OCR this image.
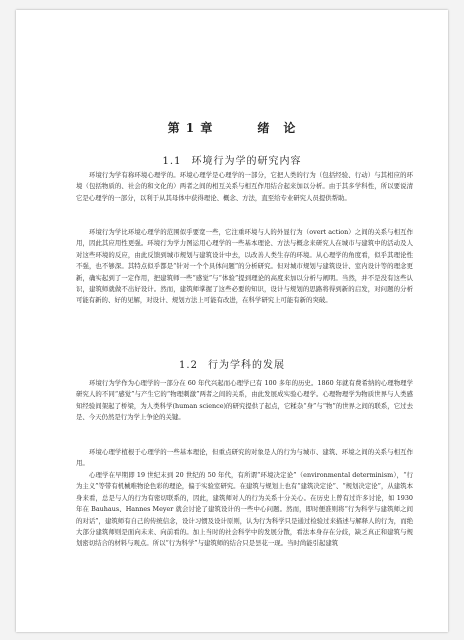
第 1 章	绪　论
1.1 环境行为学的研究内容

环境行为学有称环境心理学的。环境心理学是心理学的一部分，它把人类的行为（包括经验、行动）与其相应的环境（包括物质的、社会的和文化的）两者之间的相互关系与相互作用结合起来加以分析。由于其多学科性，所以要说清它是心理学的一部分，以利于从其母体中获得理论、概念、方法，直至给专业研究人员提供帮助。

环境行为学比环境心理学的范围似乎要宽一些，它注重环境与人的外显行为（overt action）之间的关系与相互作用，因此其应用性更强。环境行为学力图运用心理学的一些基本理论、方法与概念来研究人在城市与建筑中的活动及人对这些环境的反应，由此反馈到城市规划与建筑设计中去，以改善人类生存的环境。从心理学的角度看，似乎其理论性不强，也不够深。其特点似乎都是“针对一个个具体问题”的分析研究。但对城市规划与建筑设计、室内设计等的理念更新，确实起到了一定作用，把建筑师一些“感觉”与“体验”提到理论的高度来加以分析与阐明。当然，并不是没有这些认识，建筑师就做不出好设计。然而，建筑师掌握了这些必要的知识，设计与规划的思路将得到新的启发，对问题的分析可能有新的、好的见解，对设计、规划方法上可能有改进，在科学研究上可能有新的突破。

1.2 行为学科的发展

环境行为学作为心理学的一部分在 60 年代兴起而心理学已有 100 多年的历史。1860 年就有费希纳的心理物理学研究人的不同“感觉”与产生它的“物理刺激”两者之间的关系，由此发展成实验心理学。心理物理学为物质世界与人类感知经验间架起了桥梁，为人类科学(human science)的研究提供了起点，它糅杂“身”与“物”的世界之间的联系，它过去是、今天仍然是行为学上争论的关键。

环境心理学植根于心理学的一些基本理论，但重点研究的对象是人的行为与城市、建筑、环境之间的关系与相互作用。

心理学在早期即 19 世纪末到 20 世纪的 50 年代，有所谓“环境决定论”（environmental determinism），“行为主义”等带有机械唯物论色彩的理论，偏于实验室研究。在建筑与规划上也有“建筑决定论”、“规划决定论”，从建筑本身来看，总是与人的行为有密切联系的，因此，建筑师对人的行为关系十分关心。在历史上曾有过许多讨论，如 1930 年在 Bauhaus、Hannes Meyer 就会讨论了建筑设计的一些中心问题。然而，即时便准则将“行为科学与建筑师之间的对话”，建筑师有自己的传统信念，设计习惯及设计原则，认为行为科学只是通过检验过来描述与解释人的行为，而绝大部分建筑师则是面向未来、向前看的。加上当时的社会科学中的发展分散，看法本身存在分歧，缺乏真正和建筑与规划密切结合的材料与观点。所以“行为科学”与建筑师的结合只是昙花一现。当时尚能引起建筑
